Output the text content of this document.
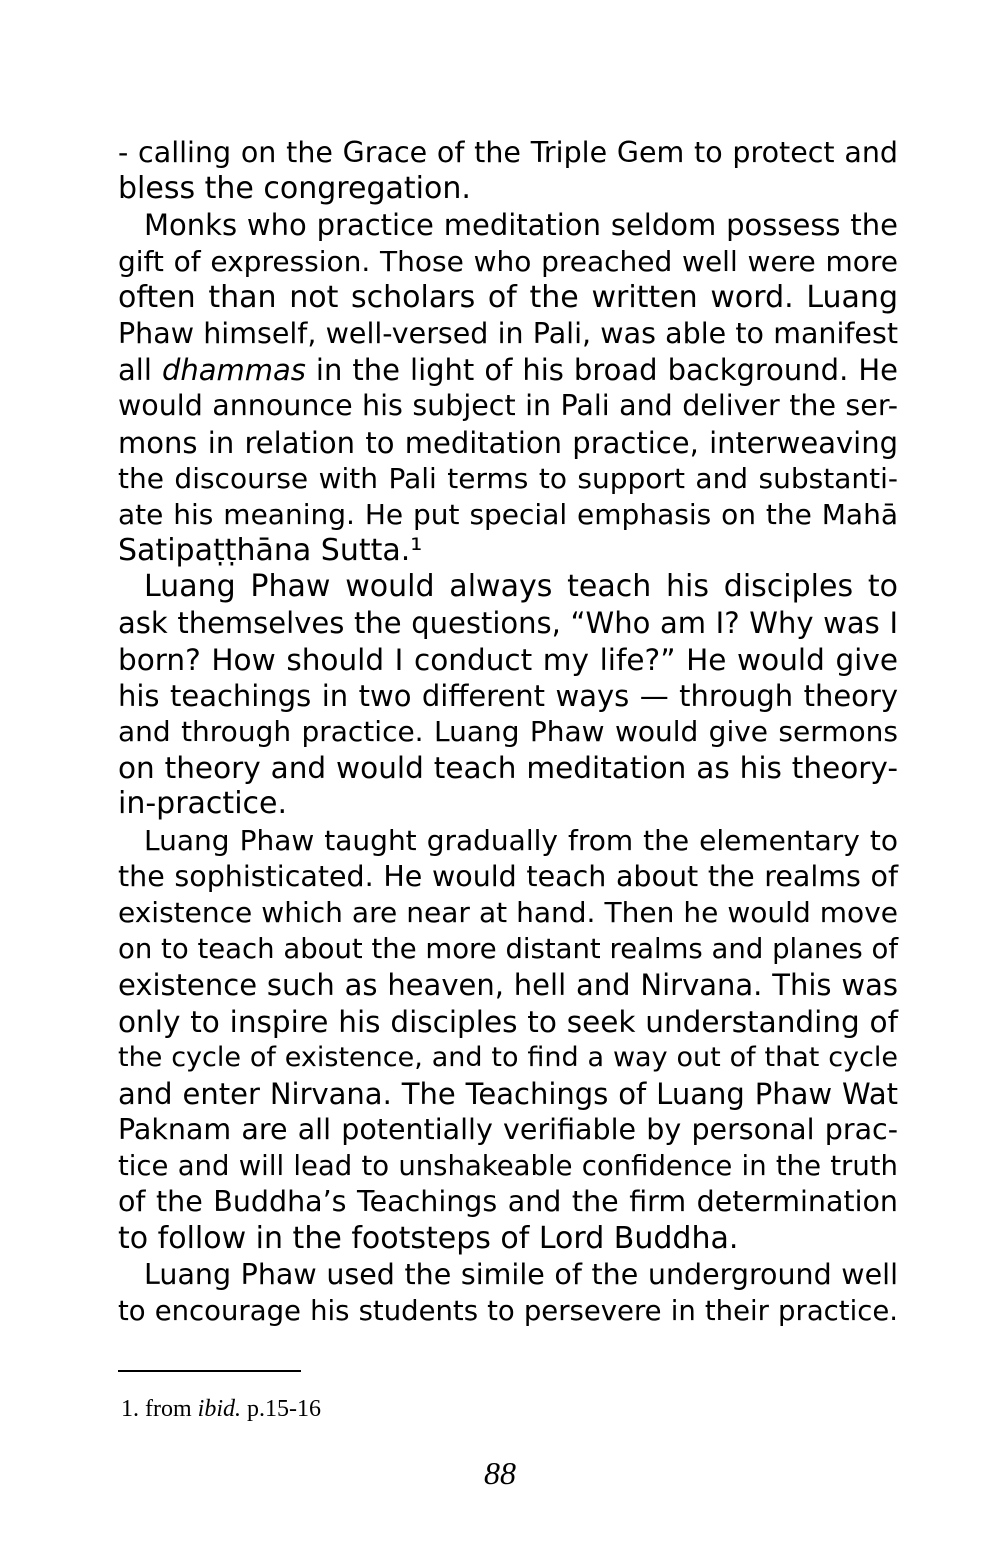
- calling on the Grace of the Triple Gem to protect and
bless the congregation.
Monks who practice meditation seldom possess the
gift of expression. Those who preached well were more
often than not scholars of the written word. Luang
Phaw himself, well-versed in Pali, was able to manifest
all dhammas in the light of his broad background. He
would announce his subject in Pali and deliver the ser-
mons in relation to meditation practice, interweaving
the discourse with Pali terms to support and substanti-
ate his meaning. He put special emphasis on the Mahā
Satipaṭṭhāna Sutta.¹
Luang Phaw would always teach his disciples to
ask themselves the questions, “Who am I? Why was I
born? How should I conduct my life?” He would give
his teachings in two different ways — through theory
and through practice. Luang Phaw would give sermons
on theory and would teach meditation as his theory-
in-practice.
Luang Phaw taught gradually from the elementary to
the sophisticated. He would teach about the realms of
existence which are near at hand. Then he would move
on to teach about the more distant realms and planes of
existence such as heaven, hell and Nirvana. This was
only to inspire his disciples to seek understanding of
the cycle of existence, and to find a way out of that cycle
and enter Nirvana. The Teachings of Luang Phaw Wat
Paknam are all potentially verifiable by personal prac-
tice and will lead to unshakeable confidence in the truth
of the Buddha’s Teachings and the firm determination
to follow in the footsteps of Lord Buddha.
Luang Phaw used the simile of the underground well
to encourage his students to persevere in their practice.
1. from ibid. p.15-16
88
